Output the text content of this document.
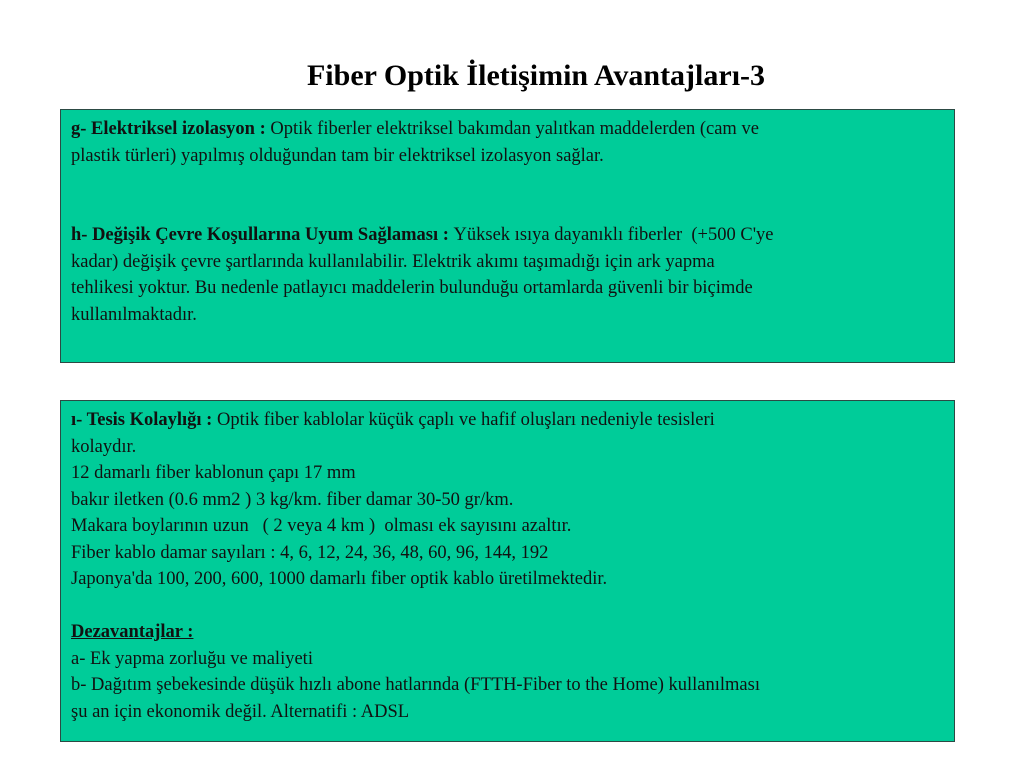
Fiber Optik İletişimin Avantajları-3
g- Elektriksel izolasyon : Optik fiberler elektriksel bakımdan yalıtkan maddelerden (cam ve
plastik türleri) yapılmış olduğundan tam bir elektriksel izolasyon sağlar.
h- Değişik Çevre Koşullarına Uyum Sağlaması : Yüksek ısıya dayanıklı fiberler  (+500 C'ye
kadar) değişik çevre şartlarında kullanılabilir. Elektrik akımı taşımadığı için ark yapma
tehlikesi yoktur. Bu nedenle patlayıcı maddelerin bulunduğu ortamlarda güvenli bir biçimde
kullanılmaktadır.
ı- Tesis Kolaylığı : Optik fiber kablolar küçük çaplı ve hafif oluşları nedeniyle tesisleri
kolaydır.
12 damarlı fiber kablonun çapı 17 mm
bakır iletken (0.6 mm2 ) 3 kg/km. fiber damar 30-50 gr/km.
Makara boylarının uzun   ( 2 veya 4 km )  olması ek sayısını azaltır.
Fiber kablo damar sayıları : 4, 6, 12, 24, 36, 48, 60, 96, 144, 192
Japonya'da 100, 200, 600, 1000 damarlı fiber optik kablo üretilmektedir.
Dezavantajlar :
a- Ek yapma zorluğu ve maliyeti
b- Dağıtım şebekesinde düşük hızlı abone hatlarında (FTTH-Fiber to the Home) kullanılması
şu an için ekonomik değil. Alternatifi : ADSL
